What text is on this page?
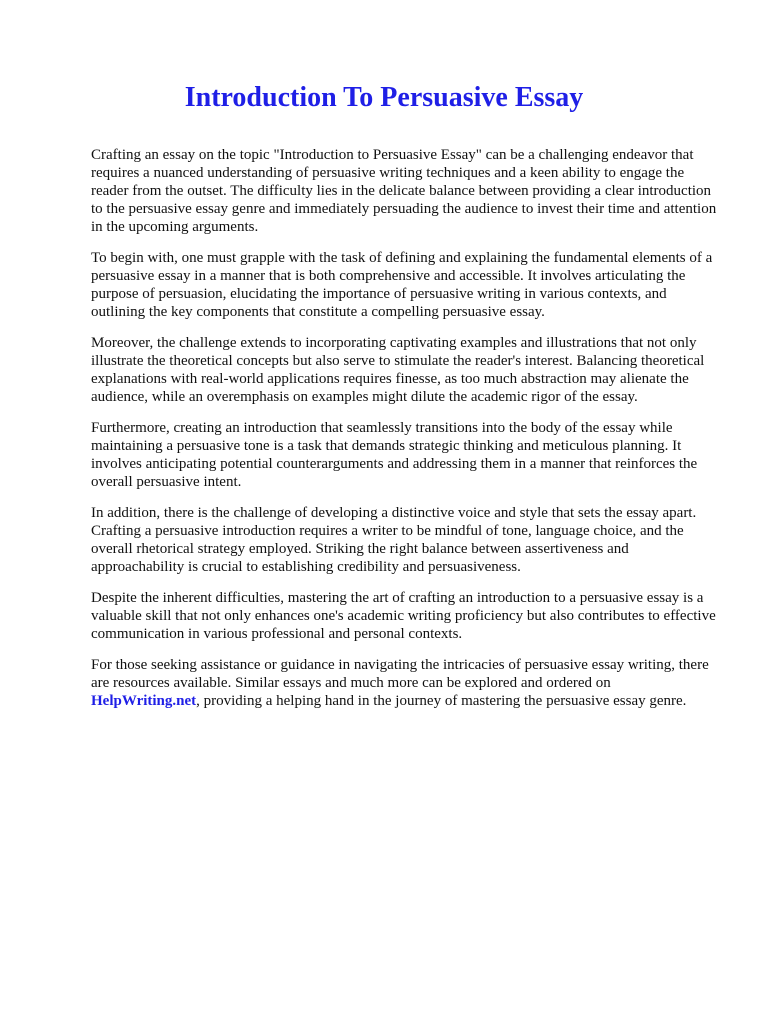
Introduction To Persuasive Essay

Crafting an essay on the topic "Introduction to Persuasive Essay" can be a challenging endeavor that requires a nuanced understanding of persuasive writing techniques and a keen ability to engage the reader from the outset. The difficulty lies in the delicate balance between providing a clear introduction to the persuasive essay genre and immediately persuading the audience to invest their time and attention in the upcoming arguments.

To begin with, one must grapple with the task of defining and explaining the fundamental elements of a persuasive essay in a manner that is both comprehensive and accessible. It involves articulating the purpose of persuasion, elucidating the importance of persuasive writing in various contexts, and outlining the key components that constitute a compelling persuasive essay.

Moreover, the challenge extends to incorporating captivating examples and illustrations that not only illustrate the theoretical concepts but also serve to stimulate the reader's interest. Balancing theoretical explanations with real-world applications requires finesse, as too much abstraction may alienate the audience, while an overemphasis on examples might dilute the academic rigor of the essay.

Furthermore, creating an introduction that seamlessly transitions into the body of the essay while maintaining a persuasive tone is a task that demands strategic thinking and meticulous planning. It involves anticipating potential counterarguments and addressing them in a manner that reinforces the overall persuasive intent.

In addition, there is the challenge of developing a distinctive voice and style that sets the essay apart. Crafting a persuasive introduction requires a writer to be mindful of tone, language choice, and the overall rhetorical strategy employed. Striking the right balance between assertiveness and approachability is crucial to establishing credibility and persuasiveness.

Despite the inherent difficulties, mastering the art of crafting an introduction to a persuasive essay is a valuable skill that not only enhances one's academic writing proficiency but also contributes to effective communication in various professional and personal contexts.

For those seeking assistance or guidance in navigating the intricacies of persuasive essay writing, there are resources available. Similar essays and much more can be explored and ordered on HelpWriting.net, providing a helping hand in the journey of mastering the persuasive essay genre.
